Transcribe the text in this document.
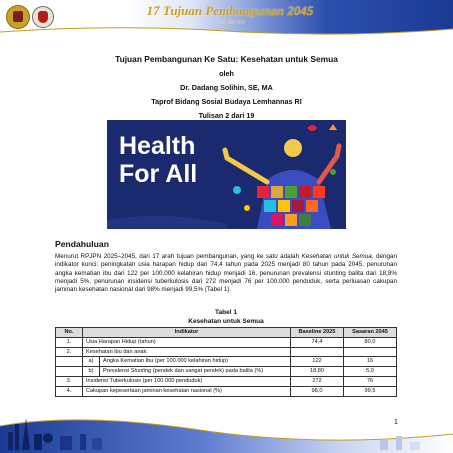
17 Tujuan Pembangunan 2045
The Series
Tujuan Pembangunan Ke Satu: Kesehatan untuk Semua
oleh
Dr. Dadang Solihin, SE, MA
Taprof Bidang Sosial Budaya Lemhannas RI
Tulisan 2 dari 19
Health
For All
Pendahuluan
Menurut RPJPN 2025–2045, dari 17 arah tujuan pembangunan, yang ke satu adalah Kesehatan untuk Semua, dengan indikator kunci: peningkatan usia harapan hidup dari 74,4 tahun pada 2025 menjadi 80 tahun pada 2045, penurunan angka kematian ibu dari 122 per 100.000 kelahiran hidup menjadi 16, penurunan prevalensi stunting balita dari 18,8% menjadi 5%, penurunan insidensi tuberkulosis dari 272 menjadi 76 per 100.000 penduduk, serta perluasan cakupan jaminan kesehatan nasional dari 98% menjadi 99,5% (Tabel 1).
Tabel 1
Kesehatan untuk Semua
No.	Indikator		Baseline 2025	Sasaran 2045
1.	Usia Harapan Hidup (tahun)		74,4	80,0
2.	Kesehatan ibu dan anak:			
	a)	Angka Kematian Ibu (per 100.000 kelahiran hidup)	122	16
	b)	Prevalensi Stunting (pendek dan sangat pendek) pada balita (%)	18,80	5,0
3.	Insidensi Tuberkulosis (per 100.000 penduduk)		272	76
4.	Cakupan kepesertaan jaminan kesehatan nasional (%)		98,0	99,5
1
